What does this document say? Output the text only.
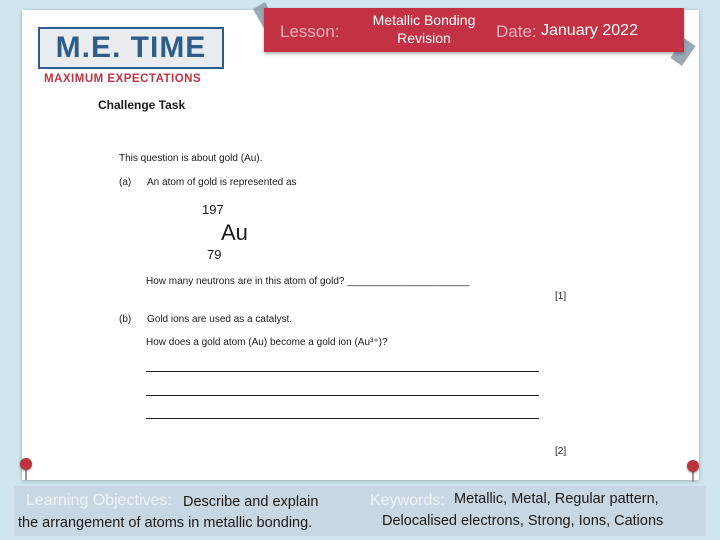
Lesson:
Metallic Bonding Revision	Date: January 2022
M.E. TIME
MAXIMUM EXPECTATIONS
Challenge Task
This question is about gold (Au).
(a) An atom of gold is represented as
197
Au
79
How many neutrons are in this atom of gold? ______________________
[1]
(b) Gold ions are used as a catalyst.
How does a gold atom (Au) become a gold ion (Au³⁺)?
[2]
Learning Objectives: Describe and explain
the arrangement of atoms in metallic bonding.
Keywords: Metallic, Metal, Regular pattern,
Delocalised electrons, Strong, Ions, Cations
